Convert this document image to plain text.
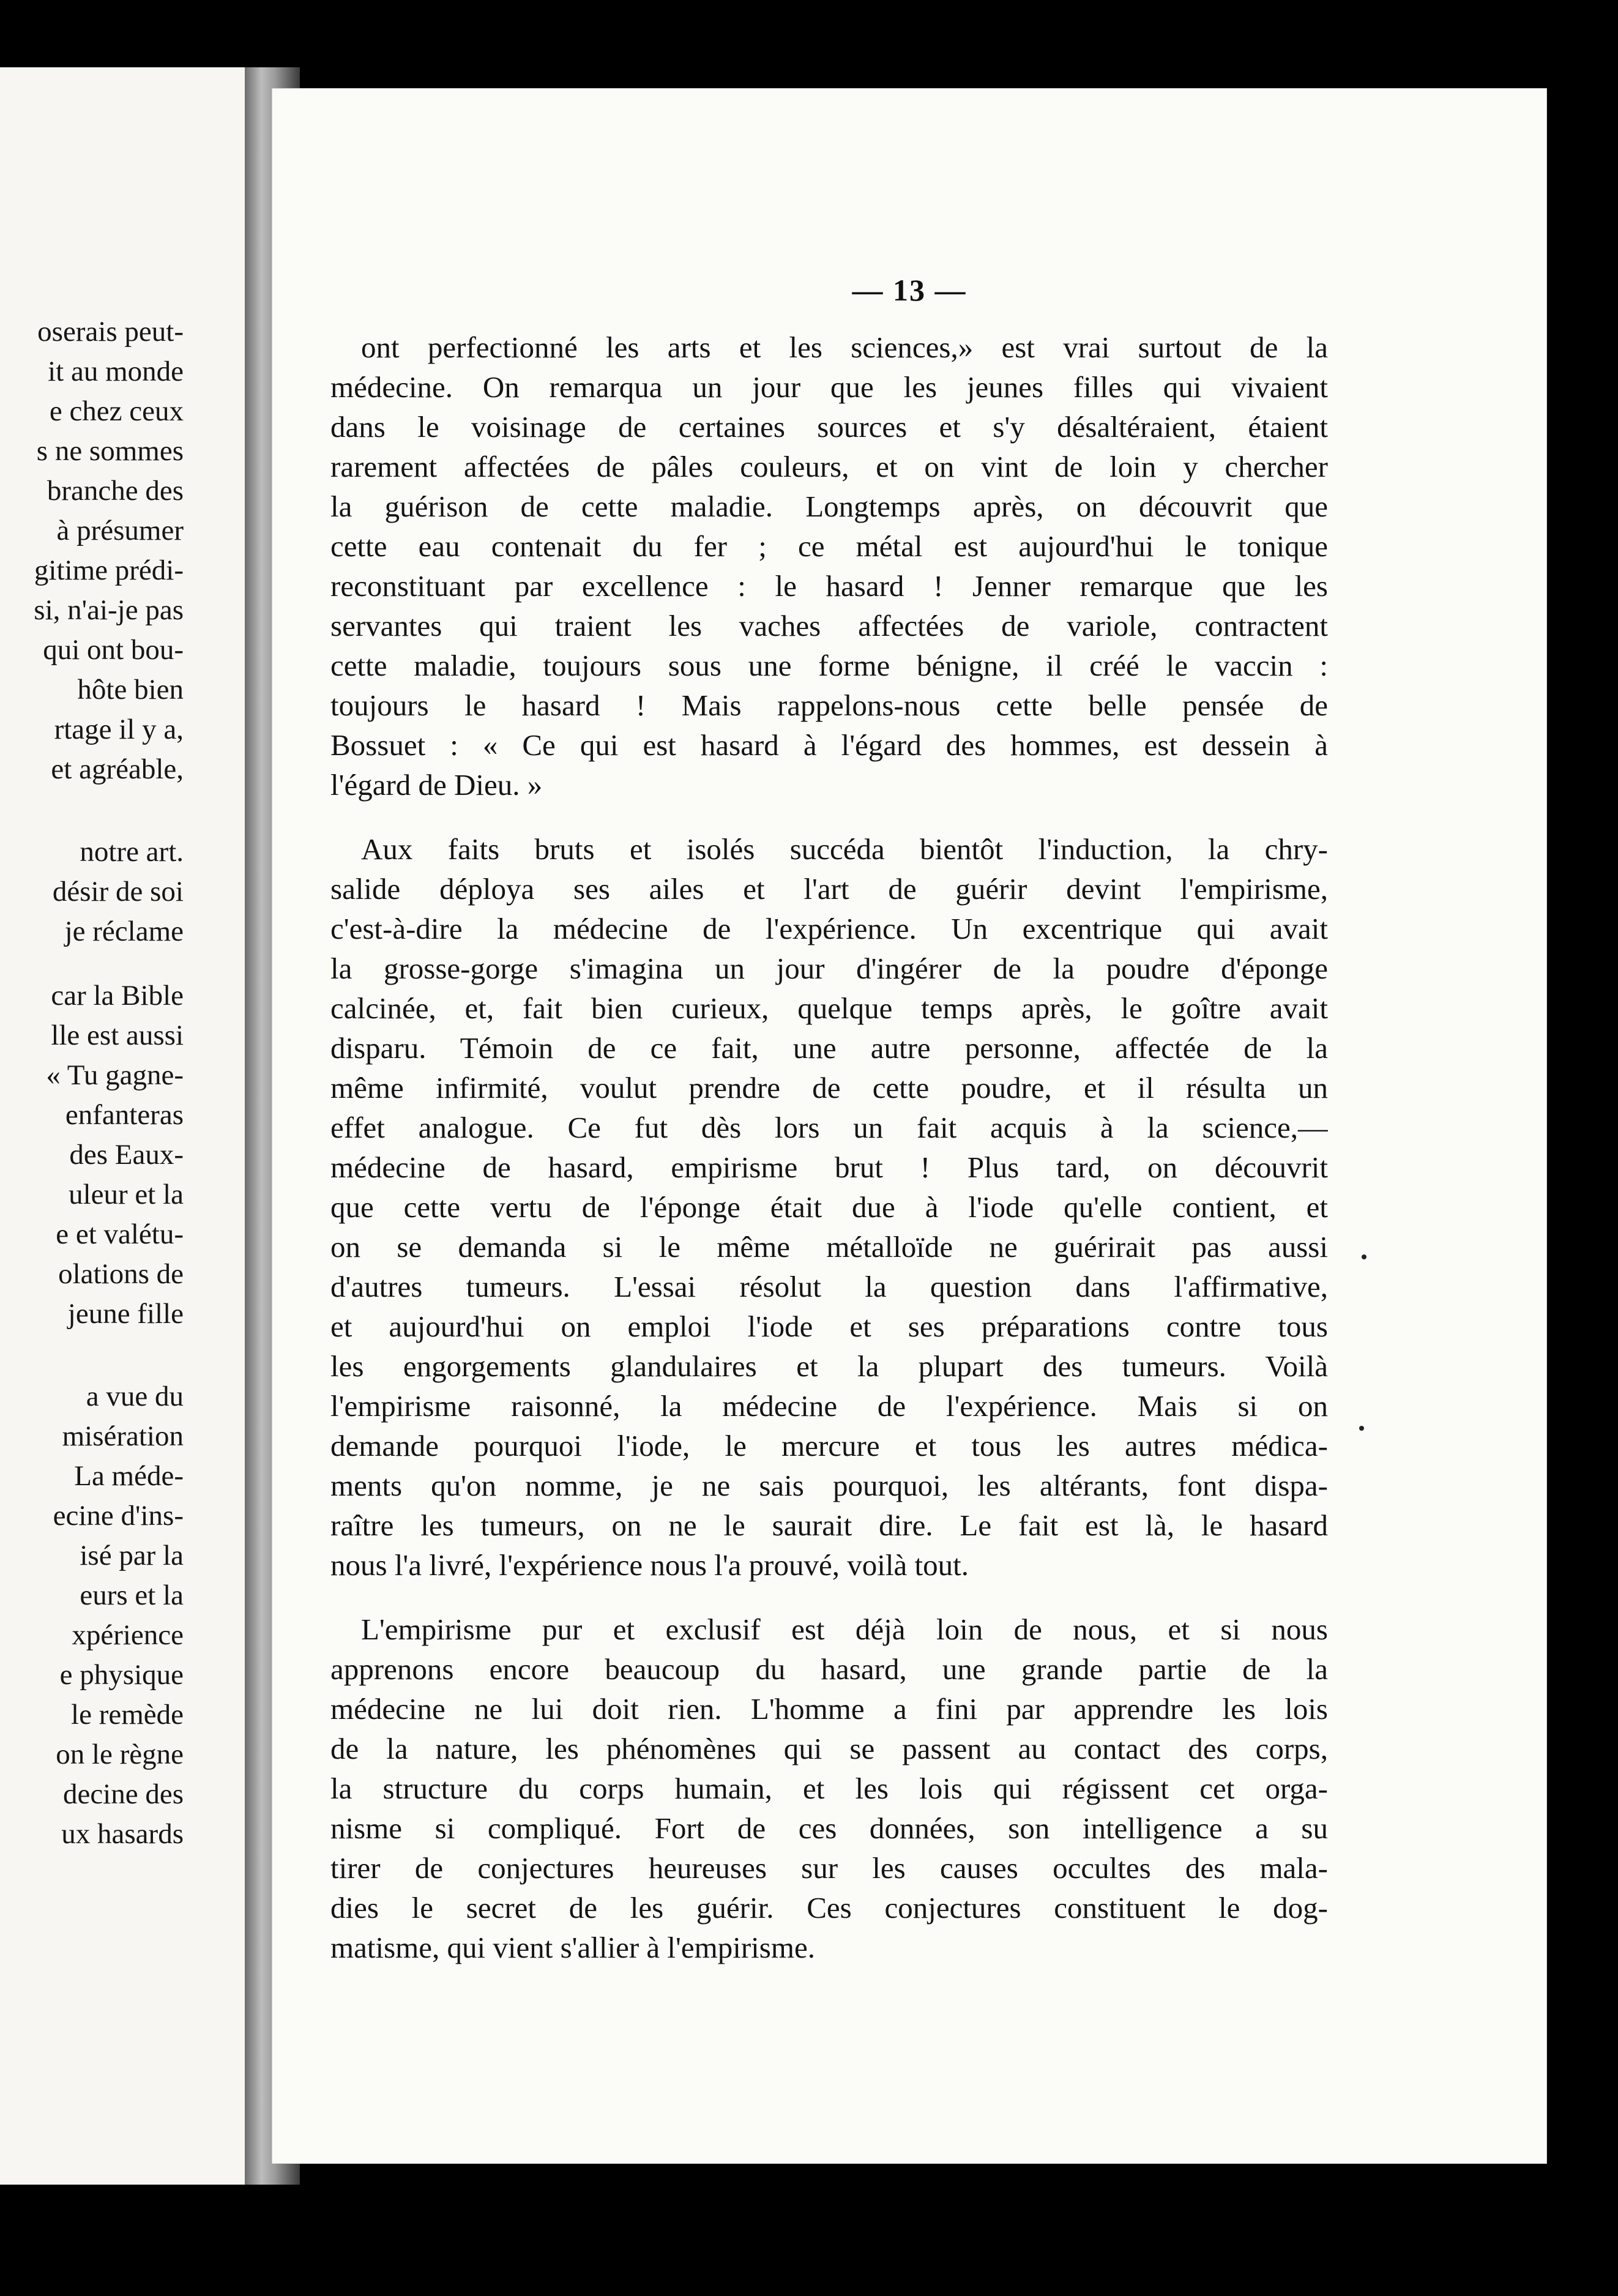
oserais peut-
it au monde
e chez ceux
s ne sommes
branche des
à présumer
gitime prédi-
si, n'ai-je pas
qui ont bou-
hôte bien
rtage il y a,
et agréable,
notre art.
désir de soi
je réclame
car la Bible
lle est aussi
« Tu gagne-
enfanteras
des Eaux-
uleur et la
e et valétu-
olations de
jeune fille
a vue du
misération
La méde-
ecine d'ins-
isé par la
eurs et la
xpérience
e physique
le remède
on le règne
decine des
ux hasards
— 13 —
ont perfectionné les arts et les sciences,» est vrai surtout de la
médecine. On remarqua un jour que les jeunes filles qui vivaient
dans le voisinage de certaines sources et s'y désaltéraient, étaient
rarement affectées de pâles couleurs, et on vint de loin y chercher
la guérison de cette maladie. Longtemps après, on découvrit que
cette eau contenait du fer ; ce métal est aujourd'hui le tonique
reconstituant par excellence : le hasard ! Jenner remarque que les
servantes qui traient les vaches affectées de variole, contractent
cette maladie, toujours sous une forme bénigne, il créé le vaccin :
toujours le hasard ! Mais rappelons-nous cette belle pensée de
Bossuet : « Ce qui est hasard à l'égard des hommes, est dessein à
l'égard de Dieu. »
Aux faits bruts et isolés succéda bientôt l'induction, la chry-
salide déploya ses ailes et l'art de guérir devint l'empirisme,
c'est-à-dire la médecine de l'expérience. Un excentrique qui avait
la grosse-gorge s'imagina un jour d'ingérer de la poudre d'éponge
calcinée, et, fait bien curieux, quelque temps après, le goître avait
disparu. Témoin de ce fait, une autre personne, affectée de la
même infirmité, voulut prendre de cette poudre, et il résulta un
effet analogue. Ce fut dès lors un fait acquis à la science,—
médecine de hasard, empirisme brut ! Plus tard, on découvrit
que cette vertu de l'éponge était due à l'iode qu'elle contient, et
on se demanda si le même métalloïde ne guérirait pas aussi
d'autres tumeurs. L'essai résolut la question dans l'affirmative,
et aujourd'hui on emploi l'iode et ses préparations contre tous
les engorgements glandulaires et la plupart des tumeurs. Voilà
l'empirisme raisonné, la médecine de l'expérience. Mais si on
demande pourquoi l'iode, le mercure et tous les autres médica-
ments qu'on nomme, je ne sais pourquoi, les altérants, font dispa-
raître les tumeurs, on ne le saurait dire. Le fait est là, le hasard
nous l'a livré, l'expérience nous l'a prouvé, voilà tout.
L'empirisme pur et exclusif est déjà loin de nous, et si nous
apprenons encore beaucoup du hasard, une grande partie de la
médecine ne lui doit rien. L'homme a fini par apprendre les lois
de la nature, les phénomènes qui se passent au contact des corps,
la structure du corps humain, et les lois qui régissent cet orga-
nisme si compliqué. Fort de ces données, son intelligence a su
tirer de conjectures heureuses sur les causes occultes des mala-
dies le secret de les guérir. Ces conjectures constituent le dog-
matisme, qui vient s'allier à l'empirisme.
